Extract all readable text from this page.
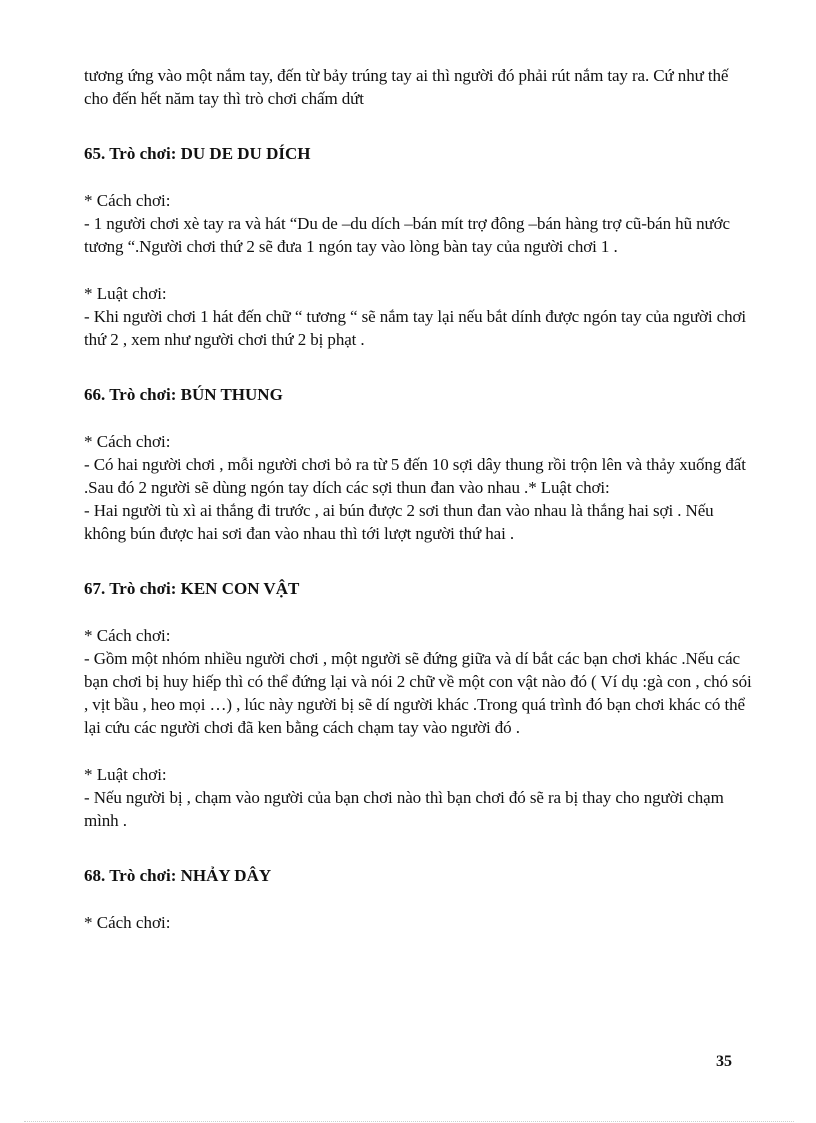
tương ứng vào một nắm tay, đến từ bảy trúng tay ai thì người đó phải rút nắm tay ra. Cứ như thế cho đến hết năm tay thì trò chơi chấm dứt

65. Trò chơi: DU DE DU DÍCH

* Cách chơi:

- 1 người chơi xè tay ra và hát “Du de –du dích –bán mít trợ đông –bán hàng trợ cũ-bán hũ nước tương “.Người chơi thứ 2 sẽ đưa 1 ngón tay vào lòng bàn tay của người chơi 1 .

* Luật chơi:

- Khi người chơi 1 hát đến chữ “ tương “ sẽ nắm tay lại nếu bắt dính được ngón tay của người chơi thứ 2 , xem như người chơi thứ 2 bị phạt .

66. Trò chơi: BÚN THUNG

* Cách chơi:

- Có hai người chơi , mỗi người chơi bỏ ra từ 5 đến 10 sợi dây thung rồi trộn lên và thảy xuống đất .Sau đó 2 người sẽ dùng ngón tay dích các sợi thun đan vào nhau .* Luật chơi:

- Hai người tù xì ai thắng đi trước , ai bún được 2 sơi thun đan vào nhau là thắng hai sợi . Nếu không bún được hai sơi đan vào nhau thì tới lượt người thứ hai .

67. Trò chơi: KEN CON VẬT

* Cách chơi:

- Gồm một nhóm nhiều người chơi , một người sẽ đứng giữa và dí bắt các bạn chơi khác .Nếu các bạn chơi bị huy hiếp thì có thể đứng lại và nói 2 chữ về một con vật nào đó ( Ví dụ :gà con , chó sói , vịt bầu , heo mọi …) , lúc này người bị sẽ dí người khác .Trong quá trình đó bạn chơi khác có thể lại cứu các người chơi đã ken bằng cách chạm tay vào người đó .

* Luật chơi:

- Nếu người bị , chạm vào người của bạn chơi nào thì bạn chơi đó sẽ ra bị thay cho người chạm mình .

68. Trò chơi: NHẢY DÂY

* Cách chơi:

35
